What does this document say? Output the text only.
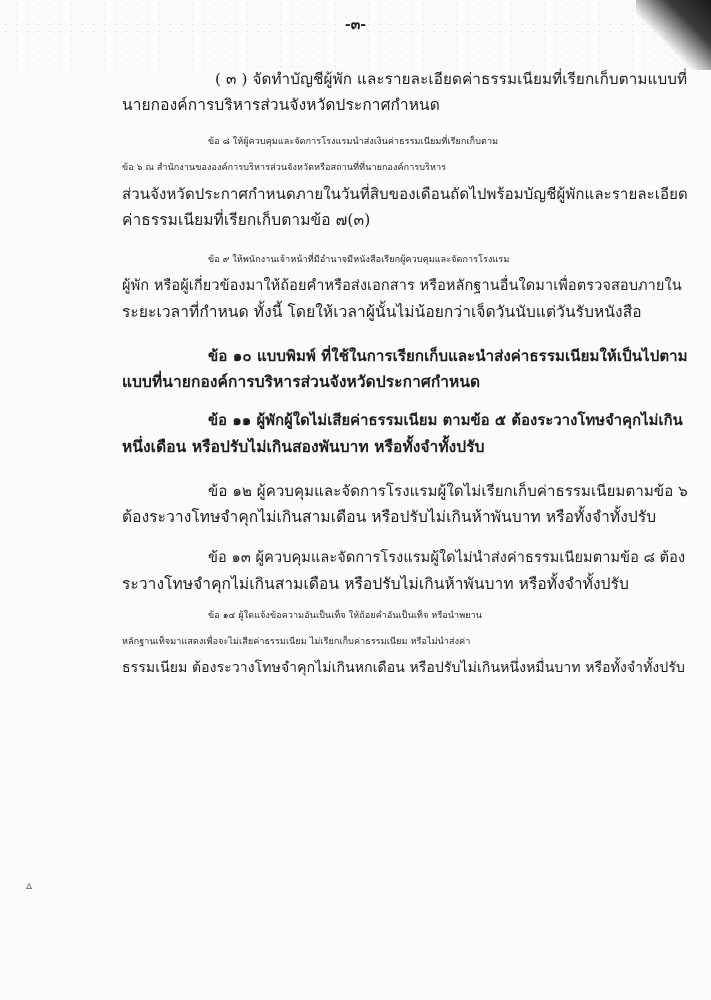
-๓-

( ๓ ) จัดทำบัญชีผู้พัก และรายละเอียดค่าธรรมเนียมที่เรียกเก็บตามแบบที่
นายกองค์การบริหารส่วนจังหวัดประกาศกำหนด

ข้อ ๘ ให้ผู้ควบคุมและจัดการโรงแรมนำส่งเงินค่าธรรมเนียมที่เรียกเก็บตาม
ข้อ ๖ ณ สำนักงานขององค์การบริหารส่วนจังหวัดหรือสถานที่ที่นายกองค์การบริหาร
ส่วนจังหวัดประกาศกำหนดภายในวันที่สิบของเดือนถัดไปพร้อมบัญชีผู้พักและรายละเอียด
ค่าธรรมเนียมที่เรียกเก็บตามข้อ ๗(๓)

ข้อ ๙ ให้พนักงานเจ้าหน้าที่มีอำนาจมีหนังสือเรียกผู้ควบคุมและจัดการโรงแรม
ผู้พัก หรือผู้เกี่ยวข้องมาให้ถ้อยคำหรือส่งเอกสาร หรือหลักฐานอื่นใดมาเพื่อตรวจสอบภายใน
ระยะเวลาที่กำหนด ทั้งนี้ โดยให้เวลาผู้นั้นไม่น้อยกว่าเจ็ดวันนับแต่วันรับหนังสือ

ข้อ ๑๐ แบบพิมพ์ ที่ใช้ในการเรียกเก็บและนำส่งค่าธรรมเนียมให้เป็นไปตาม
แบบที่นายกองค์การบริหารส่วนจังหวัดประกาศกำหนด

ข้อ ๑๑ ผู้พักผู้ใดไม่เสียค่าธรรมเนียม ตามข้อ ๕ ต้องระวางโทษจำคุกไม่เกิน
หนึ่งเดือน หรือปรับไม่เกินสองพันบาท หรือทั้งจำทั้งปรับ

ข้อ ๑๒ ผู้ควบคุมและจัดการโรงแรมผู้ใดไม่เรียกเก็บค่าธรรมเนียมตามข้อ ๖
ต้องระวางโทษจำคุกไม่เกินสามเดือน หรือปรับไม่เกินห้าพันบาท หรือทั้งจำทั้งปรับ

ข้อ ๑๓ ผู้ควบคุมและจัดการโรงแรมผู้ใดไม่นำส่งค่าธรรมเนียมตามข้อ ๘ ต้อง
ระวางโทษจำคุกไม่เกินสามเดือน หรือปรับไม่เกินห้าพันบาท หรือทั้งจำทั้งปรับ

ข้อ ๑๔ ผู้ใดแจ้งข้อความอันเป็นเท็จ ให้ถ้อยคำอันเป็นเท็จ หรือนำพยาน
หลักฐานเท็จมาแสดงเพื่อจะไม่เสียค่าธรรมเนียม ไม่เรียกเก็บค่าธรรมเนียม หรือไม่นำส่งค่า
ธรรมเนียม ต้องระวางโทษจำคุกไม่เกินหกเดือน หรือปรับไม่เกินหนึ่งหมื่นบาท หรือทั้งจำทั้งปรับ

▵
